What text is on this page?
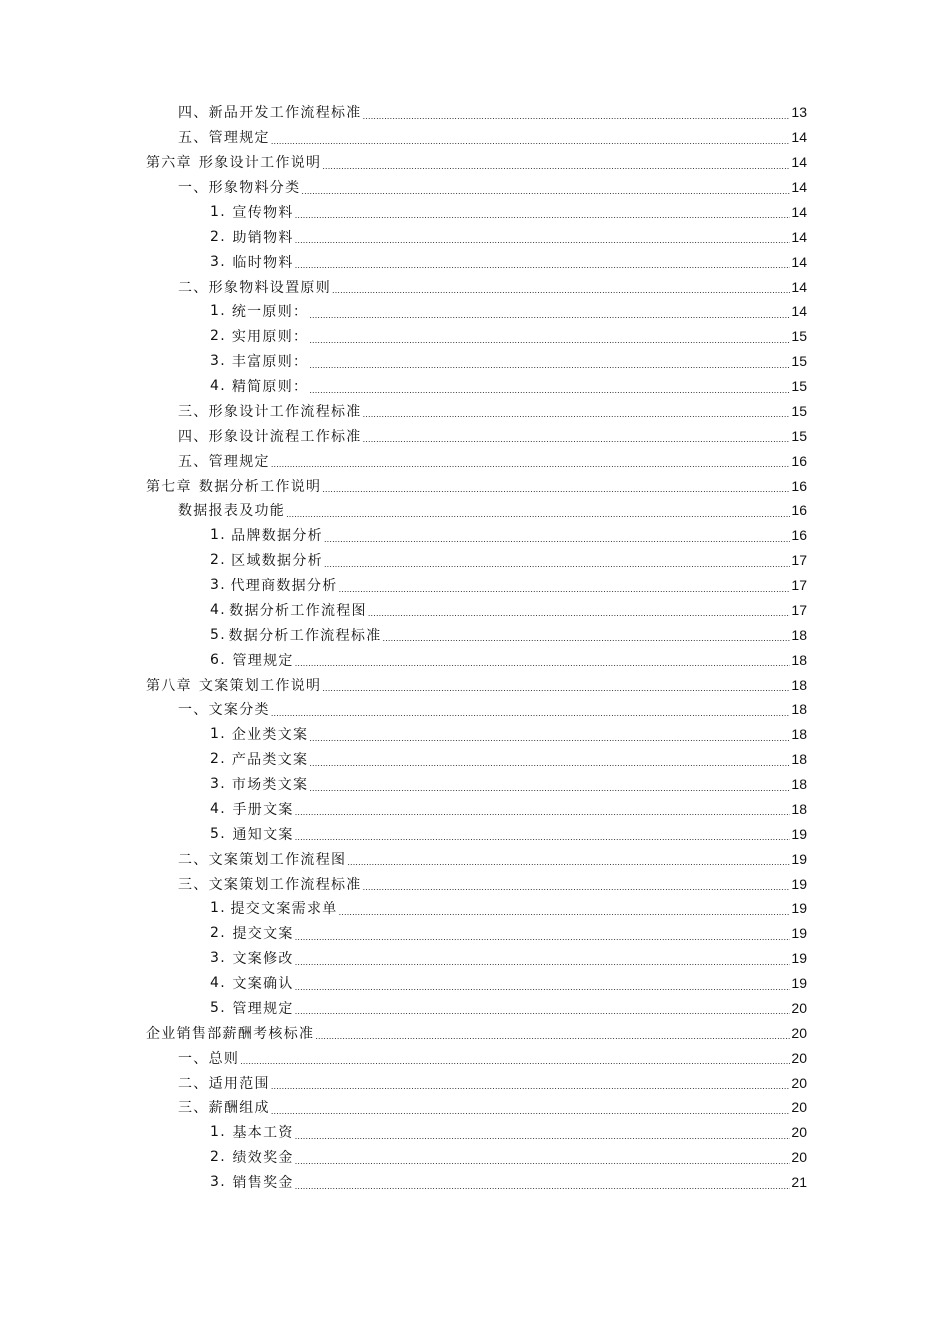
四、 新品开发工作流程标准 .....	13
五、 管理规定 .....	14
第六章 形象设计工作说明 .....	14
一、 形象物料分类 .....	14
1. 宣传物料 .....	14
2. 助销物料 .....	14
3. 临时物料 .....	14
二、 形象物料设置原则 .....	14
1. 统一原则： .....	14
2. 实用原则： .....	15
3. 丰富原则： .....	15
4. 精简原则： .....	15
三、 形象设计工作流程标准 .....	15
四、 形象设计流程工作标准 .....	15
五、 管理规定 .....	16
第七章 数据分析工作说明 .....	16
数据报表及功能 .....	16
1. 品牌数据分析 .....	16
2. 区域数据分析 .....	17
3. 代理商数据分析 .....	17
4. 数据分析工作流程图 .....	17
5. 数据分析工作流程标准 .....	18
6. 管理规定 .....	18
第八章 文案策划工作说明 .....	18
一、 文案分类 .....	18
1. 企业类文案 .....	18
2. 产品类文案 .....	18
3. 市场类文案 .....	18
4. 手册文案 .....	18
5. 通知文案 .....	19
二、 文案策划工作流程图 .....	19
三、 文案策划工作流程标准 .....	19
1. 提交文案需求单 .....	19
2. 提交文案 .....	19
3. 文案修改 .....	19
4. 文案确认 .....	19
5. 管理规定 .....	20
企业销售部薪酬考核标准 .....	20
一、 总则 .....	20
二、 适用范围 .....	20
三、 薪酬组成 .....	20
1. 基本工资 .....	20
2. 绩效奖金 .....	20
3. 销售奖金 .....	21
